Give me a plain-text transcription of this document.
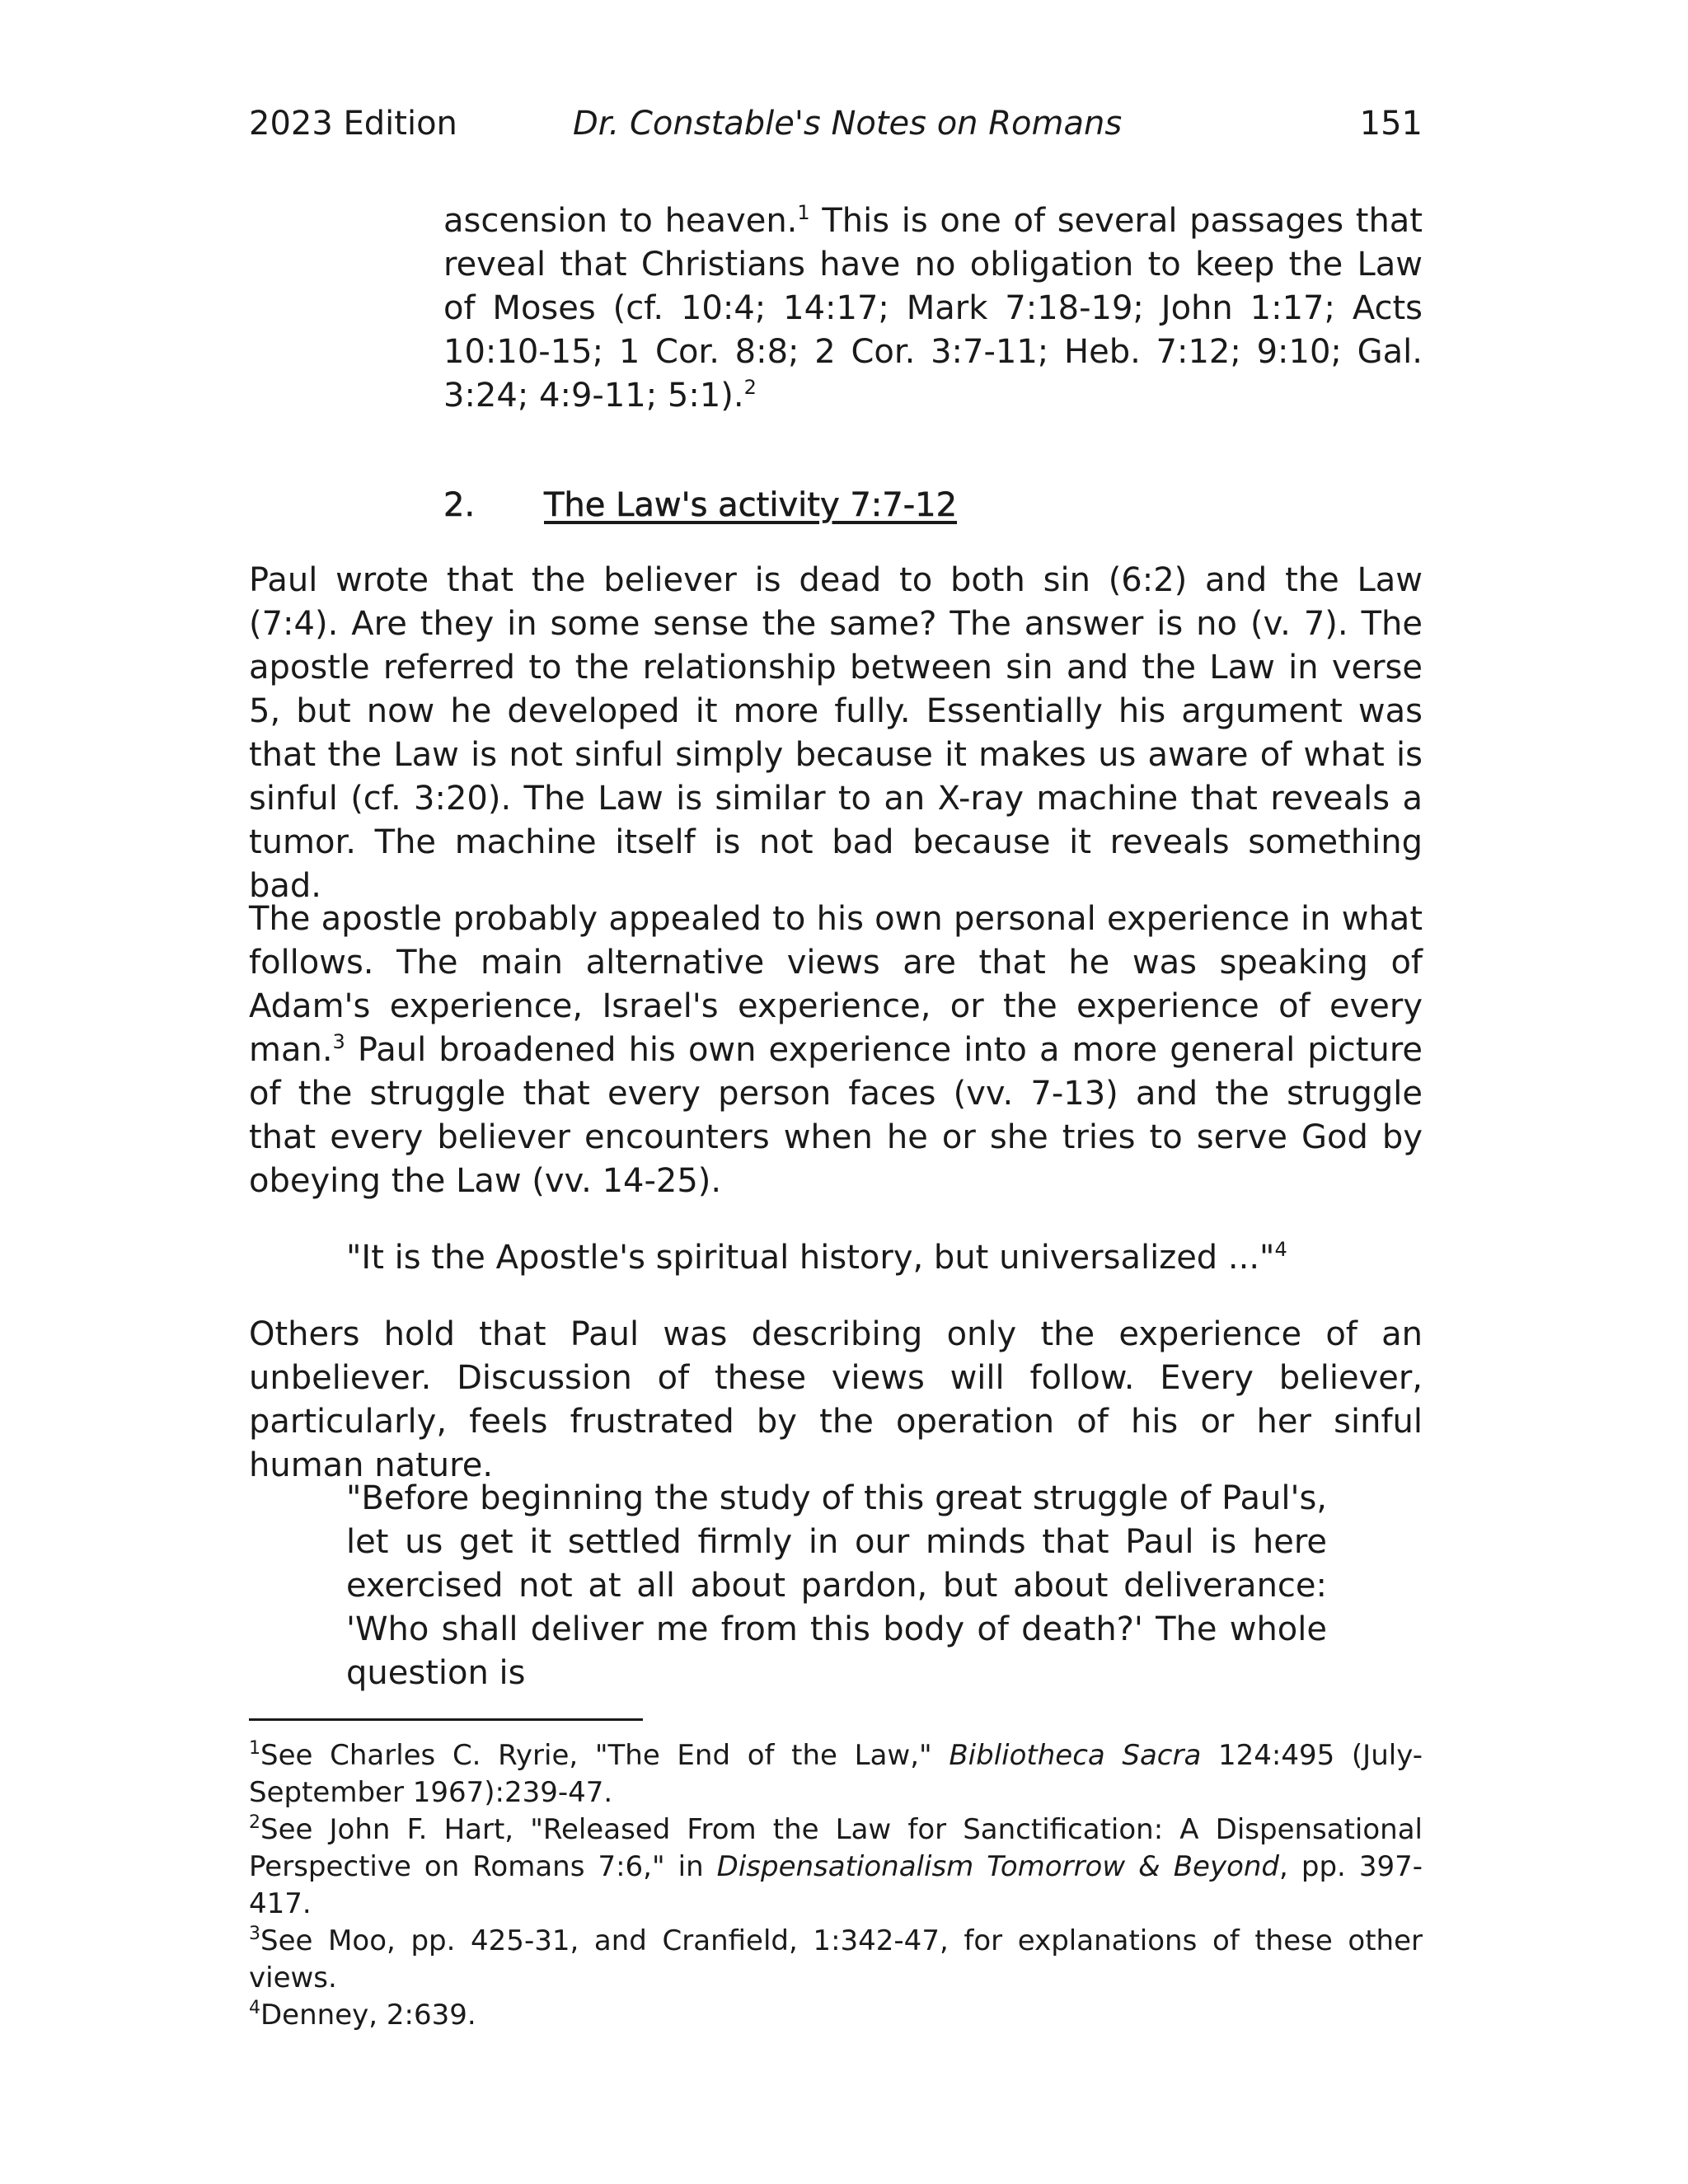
2023 Edition	Dr. Constable's Notes on Romans	151

ascension to heaven.$^1$ This is one of several passages that reveal that Christians have no obligation to keep the Law of Moses (cf. 10:4; 14:17; Mark 7:18-19; John 1:17; Acts 10:10-15; 1 Cor. 8:8; 2 Cor. 3:7-11; Heb. 7:12; 9:10; Gal. 3:24; 4:9-11; 5:1).$^2$

2. The Law's activity 7:7-12

Paul wrote that the believer is dead to both sin (6:2) and the Law (7:4). Are they in some sense the same? The answer is no (v. 7). The apostle referred to the relationship between sin and the Law in verse 5, but now he developed it more fully. Essentially his argument was that the Law is not sinful simply because it makes us aware of what is sinful (cf. 3:20). The Law is similar to an X-ray machine that reveals a tumor. The machine itself is not bad because it reveals something bad.

The apostle probably appealed to his own personal experience in what follows. The main alternative views are that he was speaking of Adam's experience, Israel's experience, or the experience of every man.$^3$ Paul broadened his own experience into a more general picture of the struggle that every person faces (vv. 7-13) and the struggle that every believer encounters when he or she tries to serve God by obeying the Law (vv. 14-25).

"It is the Apostle's spiritual history, but universalized ..."$^4$

Others hold that Paul was describing only the experience of an unbeliever. Discussion of these views will follow. Every believer, particularly, feels frustrated by the operation of his or her sinful human nature.

"Before beginning the study of this great struggle of Paul's, let us get it settled firmly in our minds that Paul is here exercised not at all about pardon, but about deliverance: 'Who shall deliver me from this body of death?' The whole question is

$^1$See Charles C. Ryrie, "The End of the Law," Bibliotheca Sacra 124:495 (July-September 1967):239-47.

$^2$See John F. Hart, "Released From the Law for Sanctification: A Dispensational Perspective on Romans 7:6," in Dispensationalism Tomorrow & Beyond, pp. 397-417.

$^3$See Moo, pp. 425-31, and Cranfield, 1:342-47, for explanations of these other views.

$^4$Denney, 2:639.
